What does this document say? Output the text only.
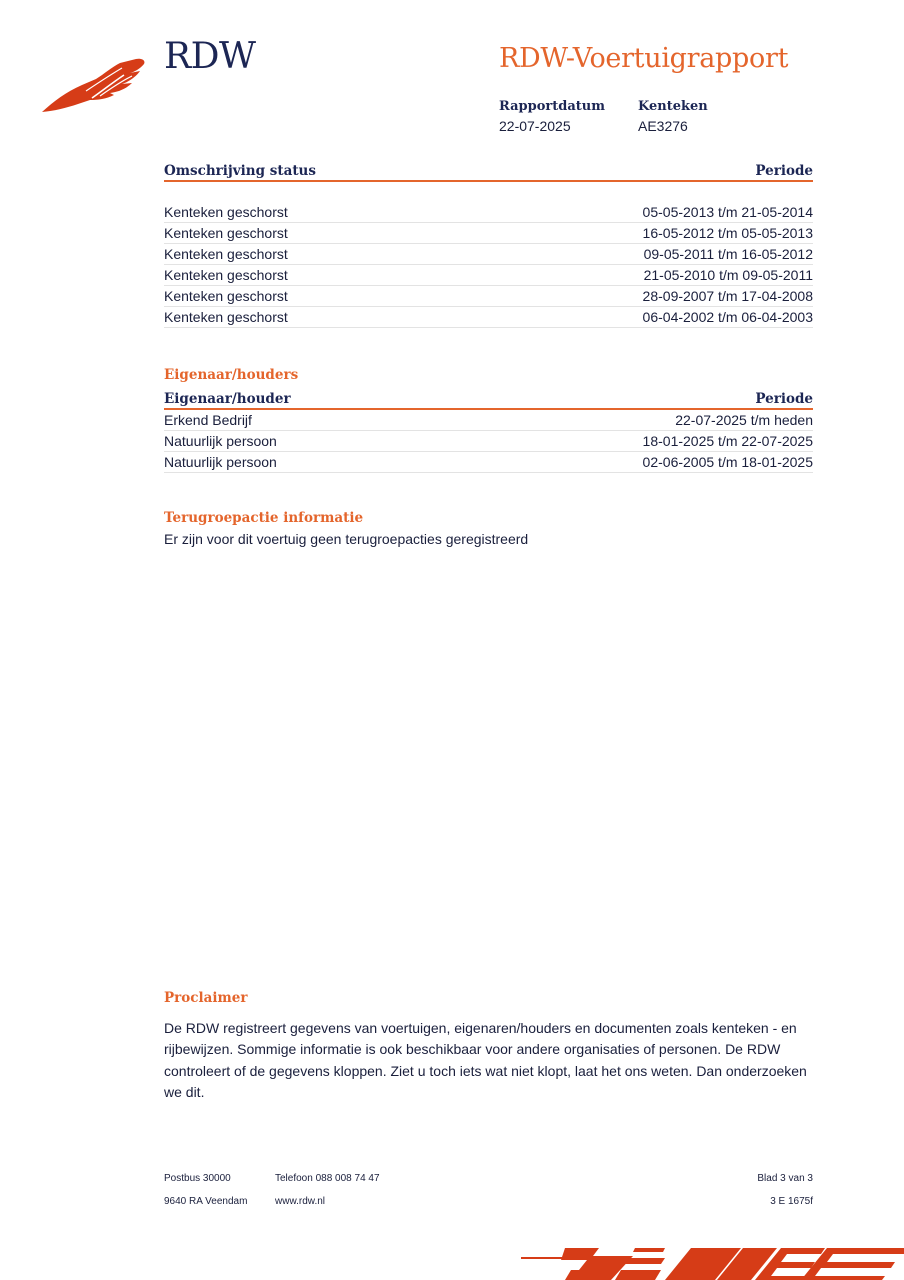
RDW	RDW-Voertuigrapport
Rapportdatum
22-07-2025
Kenteken
AE3276
Omschrijving status	Periode
Kenteken geschorst	05-05-2013 t/m 21-05-2014
Kenteken geschorst	16-05-2012 t/m 05-05-2013
Kenteken geschorst	09-05-2011 t/m 16-05-2012
Kenteken geschorst	21-05-2010 t/m 09-05-2011
Kenteken geschorst	28-09-2007 t/m 17-04-2008
Kenteken geschorst	06-04-2002 t/m 06-04-2003
Eigenaar/houders
Eigenaar/houder	Periode
Erkend Bedrijf	22-07-2025 t/m heden
Natuurlijk persoon	18-01-2025 t/m 22-07-2025
Natuurlijk persoon	02-06-2005 t/m 18-01-2025
Terugroepactie informatie
Er zijn voor dit voertuig geen terugroepacties geregistreerd
Proclaimer
De RDW registreert gegevens van voertuigen, eigenaren/houders en documenten zoals kenteken - en
rijbewijzen. Sommige informatie is ook beschikbaar voor andere organisaties of personen. De RDW
controleert of de gegevens kloppen. Ziet u toch iets wat niet klopt, laat het ons weten. Dan onderzoeken
we dit.
Postbus 30000
9640 RA Veendam
Telefoon 088 008 74 47
www.rdw.nl
Blad 3 van 3
3 E 1675f
